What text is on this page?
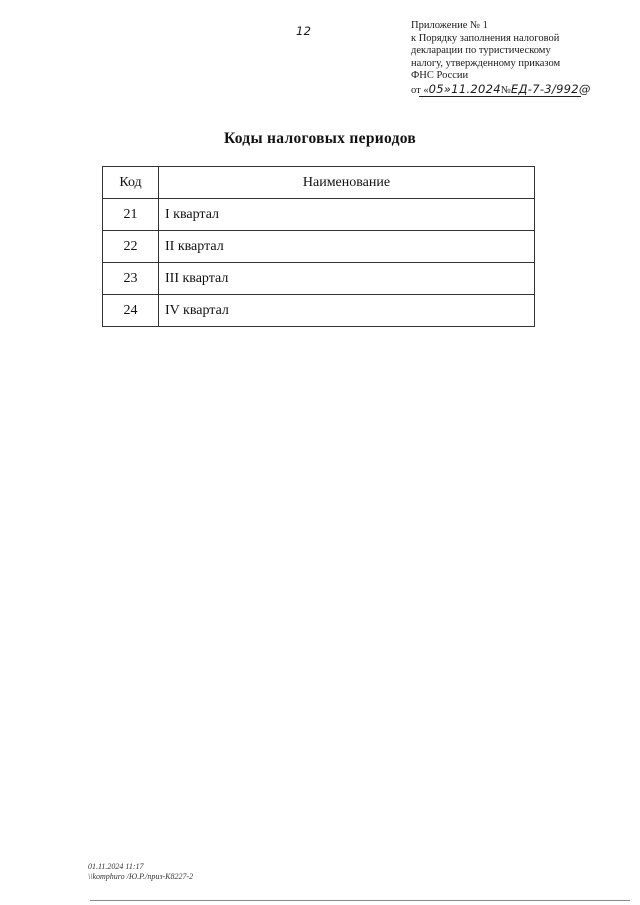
12	Приложение № 1
к Порядку заполнения налоговой
декларации по туристическому
налогу, утвержденному приказом
ФНС России
от «05»11.2024№ЕД-7-3/992@
Коды налоговых периодов
Код	Наименование
21	I квартал
22	II квартал
23	III квартал
24	IV квартал
01.11.2024 11:17
\\komphuro /Ю.Р./приз-К8227-2
